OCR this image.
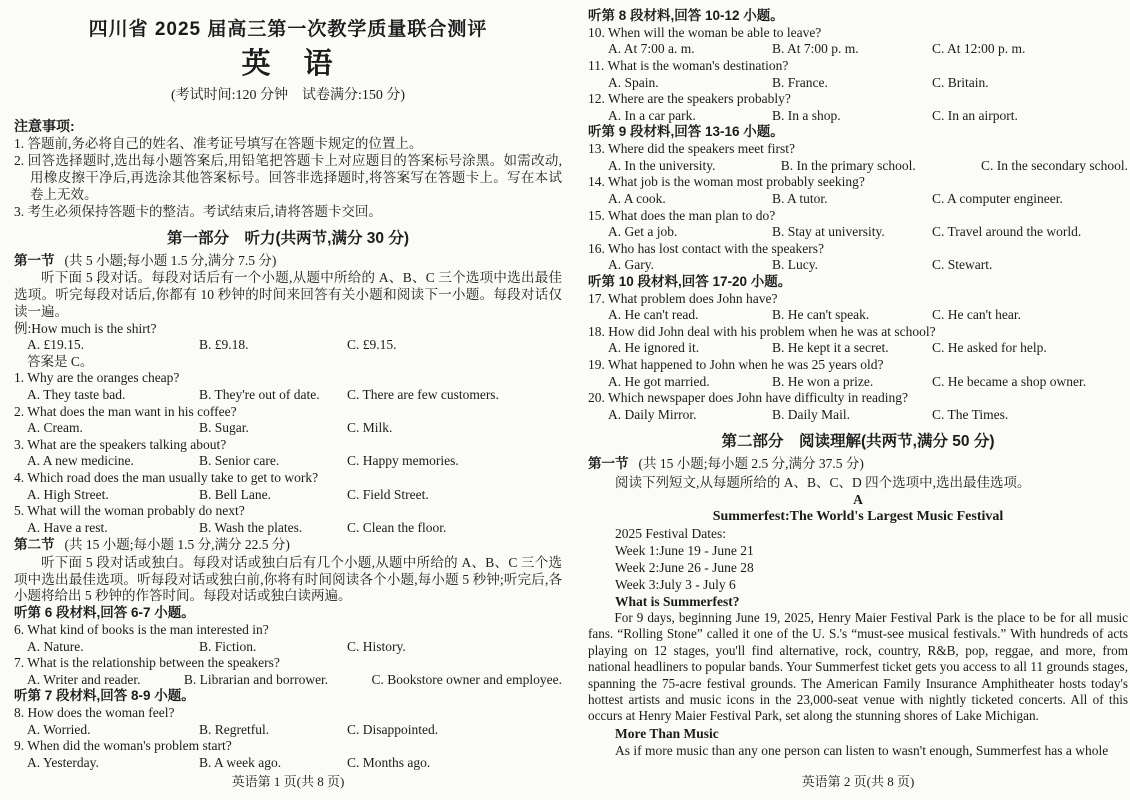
四川省 2025 届高三第一次教学质量联合测评
英　语
(考试时间:120 分钟　试卷满分:150 分)
注意事项:
1. 答题前,务必将自己的姓名、准考证号填写在答题卡规定的位置上。
2. 回答选择题时,选出每小题答案后,用铅笔把答题卡上对应题目的答案标号涂黑。如需改动,用橡皮擦干净后,再选涂其他答案标号。回答非选择题时,将答案写在答题卡上。写在本试卷上无效。
3. 考生必须保持答题卡的整洁。考试结束后,请将答题卡交回。
第一部分　听力(共两节,满分 30 分)
第一节 (共 5 小题;每小题 1.5 分,满分 7.5 分)
听下面 5 段对话。每段对话后有一个小题,从题中所给的 A、B、C 三个选项中选出最佳选项。听完每段对话后,你都有 10 秒钟的时间来回答有关小题和阅读下一小题。每段对话仅读一遍。
例:How much is the shirt?
A. £19.15.	B. £9.18.	C. £9.15.
答案是 C。
1. Why are the oranges cheap?
A. They taste bad.	B. They're out of date.	C. There are few customers.
2. What does the man want in his coffee?
A. Cream.	B. Sugar.	C. Milk.
3. What are the speakers talking about?
A. A new medicine.	B. Senior care.	C. Happy memories.
4. Which road does the man usually take to get to work?
A. High Street.	B. Bell Lane.	C. Field Street.
5. What will the woman probably do next?
A. Have a rest.	B. Wash the plates.	C. Clean the floor.
第二节 (共 15 小题;每小题 1.5 分,满分 22.5 分)
听下面 5 段对话或独白。每段对话或独白后有几个小题,从题中所给的 A、B、C 三个选项中选出最佳选项。听每段对话或独白前,你将有时间阅读各个小题,每小题 5 秒钟;听完后,各小题将给出 5 秒钟的作答时间。每段对话或独白读两遍。
听第 6 段材料,回答 6-7 小题。
6. What kind of books is the man interested in?
A. Nature.	B. Fiction.	C. History.
7. What is the relationship between the speakers?
A. Writer and reader.	B. Librarian and borrower.	C. Bookstore owner and employee.
听第 7 段材料,回答 8-9 小题。
8. How does the woman feel?
A. Worried.	B. Regretful.	C. Disappointed.
9. When did the woman's problem start?
A. Yesterday.	B. A week ago.	C. Months ago.
英语第 1 页(共 8 页)
听第 8 段材料,回答 10-12 小题。
10. When will the woman be able to leave?
A. At 7:00 a. m.	B. At 7:00 p. m.	C. At 12:00 p. m.
11. What is the woman's destination?
A. Spain.	B. France.	C. Britain.
12. Where are the speakers probably?
A. In a car park.	B. In a shop.	C. In an airport.
听第 9 段材料,回答 13-16 小题。
13. Where did the speakers meet first?
A. In the university.	B. In the primary school.	C. In the secondary school.
14. What job is the woman most probably seeking?
A. A cook.	B. A tutor.	C. A computer engineer.
15. What does the man plan to do?
A. Get a job.	B. Stay at university.	C. Travel around the world.
16. Who has lost contact with the speakers?
A. Gary.	B. Lucy.	C. Stewart.
听第 10 段材料,回答 17-20 小题。
17. What problem does John have?
A. He can't read.	B. He can't speak.	C. He can't hear.
18. How did John deal with his problem when he was at school?
A. He ignored it.	B. He kept it a secret.	C. He asked for help.
19. What happened to John when he was 25 years old?
A. He got married.	B. He won a prize.	C. He became a shop owner.
20. Which newspaper does John have difficulty in reading?
A. Daily Mirror.	B. Daily Mail.	C. The Times.
第二部分　阅读理解(共两节,满分 50 分)
第一节 (共 15 小题;每小题 2.5 分,满分 37.5 分)
阅读下列短文,从每题所给的 A、B、C、D 四个选项中,选出最佳选项。
A
Summerfest:The World's Largest Music Festival
2025 Festival Dates:
Week 1:June 19 - June 21
Week 2:June 26 - June 28
Week 3:July 3 - July 6
What is Summerfest?
For 9 days, beginning June 19, 2025, Henry Maier Festival Park is the place to be for all music fans. “Rolling Stone” called it one of the U. S.'s “must-see musical festivals.” With hundreds of acts playing on 12 stages, you'll find alternative, rock, country, R&B, pop, reggae, and more, from national headliners to popular bands. Your Summerfest ticket gets you access to all 11 grounds stages, spanning the 75-acre festival grounds. The American Family Insurance Amphitheater hosts today's hottest artists and music icons in the 23,000-seat venue with nightly ticketed concerts. All of this occurs at Henry Maier Festival Park, set along the stunning shores of Lake Michigan.
More Than Music
As if more music than any one person can listen to wasn't enough, Summerfest has a whole
英语第 2 页(共 8 页)
